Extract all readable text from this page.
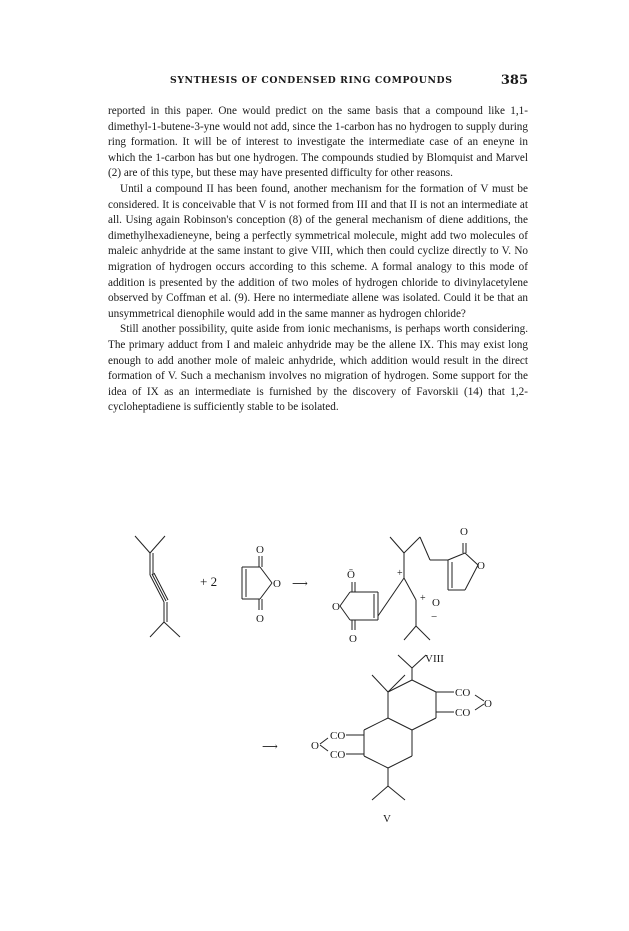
SYNTHESIS OF CONDENSED RING COMPOUNDS	385

reported in this paper. One would predict on the same basis that a compound like 1,1-dimethyl-1-butene-3-yne would not add, since the 1-carbon has no hydrogen to supply during ring formation. It will be of interest to investigate the intermediate case of an eneyne in which the 1-carbon has but one hydrogen. The compounds studied by Blomquist and Marvel (2) are of this type, but these may have presented difficulty for other reasons.

Until a compound II has been found, another mechanism for the formation of V must be considered. It is conceivable that V is not formed from III and that II is not an intermediate at all. Using again Robinson's conception (8) of the general mechanism of diene additions, the dimethylhexadieneyne, being a perfectly symmetrical molecule, might add two molecules of maleic anhydride at the same instant to give VIII, which then could cyclize directly to V. No migration of hydrogen occurs according to this scheme. A formal analogy to this mode of addition is presented by the addition of two moles of hydrogen chloride to divinylacetylene observed by Coffman et al. (9). Here no intermediate allene was isolated. Could it be that an unsymmetrical dienophile would add in the same manner as hydrogen chloride?

Still another possibility, quite aside from ionic mechanisms, is perhaps worth considering. The primary adduct from I and maleic anhydride may be the allene IX. This may exist long enough to add another mole of maleic anhydride, which addition would result in the direct formation of V. Such a mechanism involves no migration of hydrogen. Some support for the idea of IX as an intermediate is furnished by the discovery of Favorskii (14) that 1,2-cycloheptadiene is sufficiently stable to be isolated.

+ 2
O
O
O
⟶
O
O
Ō	+
+ O
−
O
O
VIII
⟶
CO
CO
O
CO
CO
O
V
